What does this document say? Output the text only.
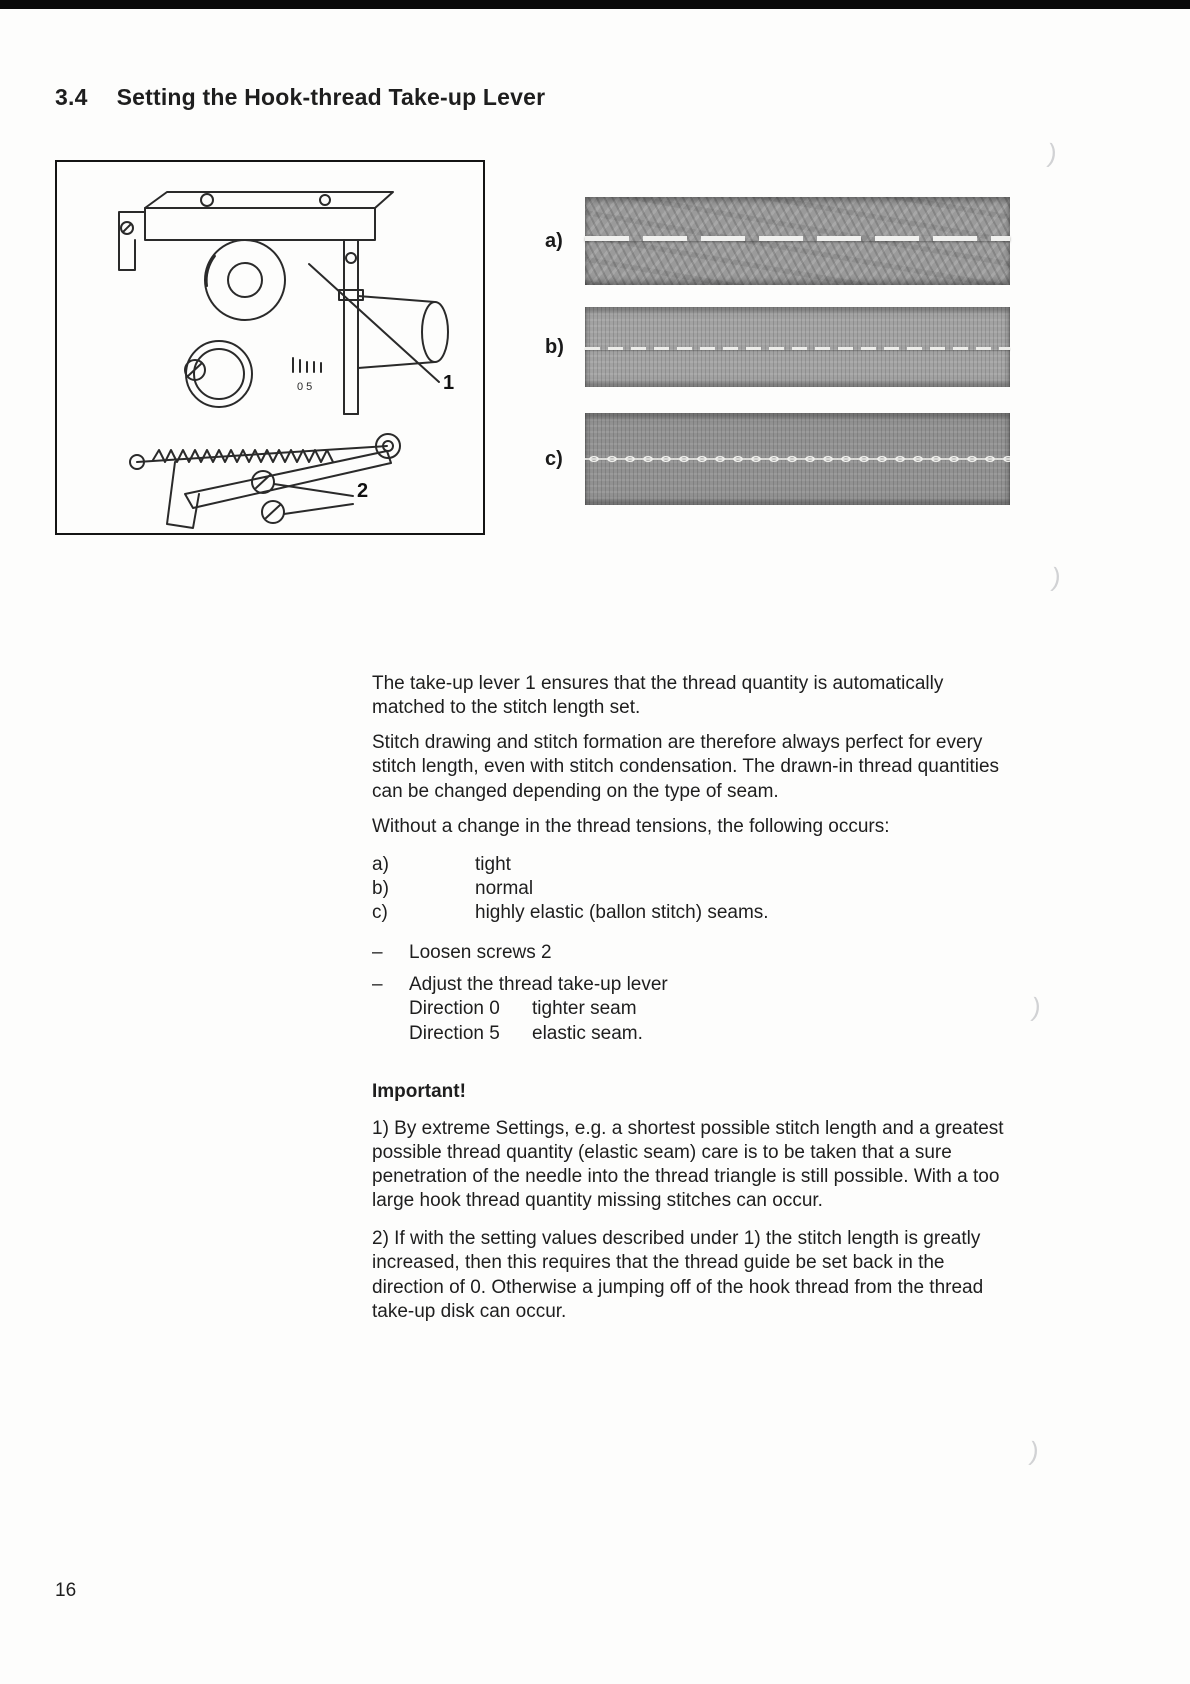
3.4 Setting the Hook-thread Take-up Lever
0 5	1
2
a)
b)
c)

The take-up lever 1 ensures that the thread quantity is automatically matched to the stitch length set.

Stitch drawing and stitch formation are therefore always perfect for every stitch length, even with stitch condensation. The drawn-in thread quantities can be changed depending on the type of seam.

Without a change in the thread tensions, the following occurs:

a)	tight
b)	normal
c)	highly elastic (ballon stitch) seams.
–	Loosen screws 2
–	Adjust the thread take-up lever
Direction 0	tighter seam
Direction 5	elastic seam.

Important!

1) By extreme Settings, e.g. a shortest possible stitch length and a greatest possible thread quantity (elastic seam) care is to be taken that a sure penetration of the needle into the thread triangle is still possible. With a too large hook thread quantity missing stitches can occur.

2) If with the setting values described under 1) the stitch length is greatly increased, then this requires that the thread guide be set back in the direction of 0. Otherwise a jumping off of the hook thread from the thread take-up disk can occur.

16
)
)
)
)
